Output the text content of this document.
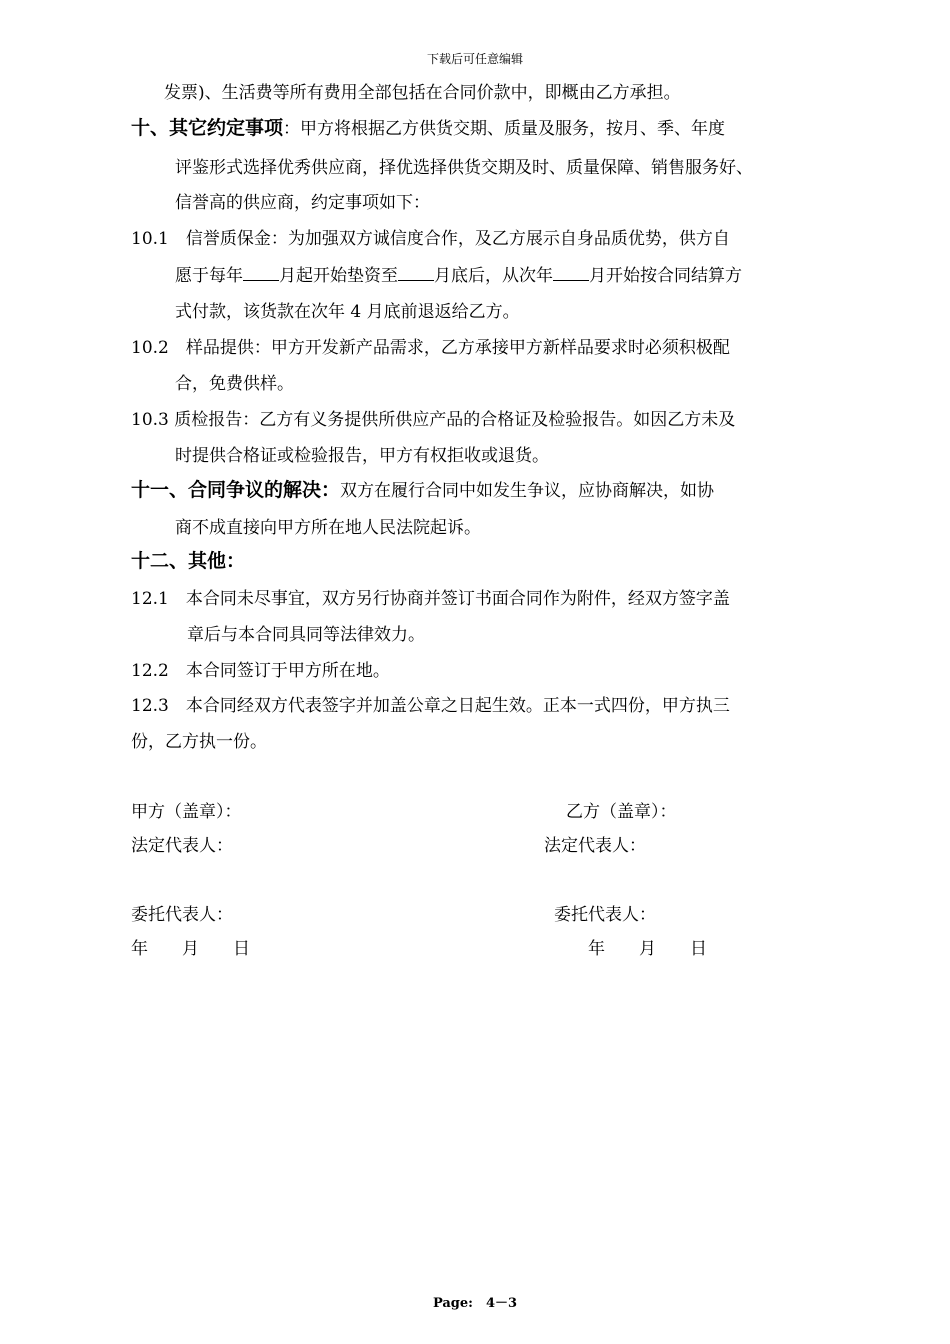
下载后可任意编辑
发票)、生活费等所有费用全部包括在合同价款中，即概由乙方承担。
十、其它约定事项：甲方将根据乙方供货交期、质量及服务，按月、季、年度
评鉴形式选择优秀供应商，择优选择供货交期及时、质量保障、销售服务好、
信誉高的供应商，约定事项如下：
10.1　信誉质保金：为加强双方诚信度合作，及乙方展示自身品质优势，供方自
愿于每年 月起开始垫资至 月底后，从次年 月开始按合同结算方
式付款，该货款在次年 4 月底前退返给乙方。
10.2　样品提供：甲方开发新产品需求，乙方承接甲方新样品要求时必须积极配
合，免费供样。
10.3 质检报告：乙方有义务提供所供应产品的合格证及检验报告。如因乙方未及
时提供合格证或检验报告，甲方有权拒收或退货。
十一、合同争议的解决：双方在履行合同中如发生争议，应协商解决，如协
商不成直接向甲方所在地人民法院起诉。
十二、其他：
12.1　本合同未尽事宜，双方另行协商并签订书面合同作为附件，经双方签字盖
章后与本合同具同等法律效力。
12.2　本合同签订于甲方所在地。
12.3　本合同经双方代表签字并加盖公章之日起生效。正本一式四份，甲方执三
份，乙方执一份。
甲方（盖章）：	乙方（盖章）：
法定代表人：	法定代表人：
委托代表人：	委托代表人：
年　　月　　日	年　　月　　日
Page:　4－3
